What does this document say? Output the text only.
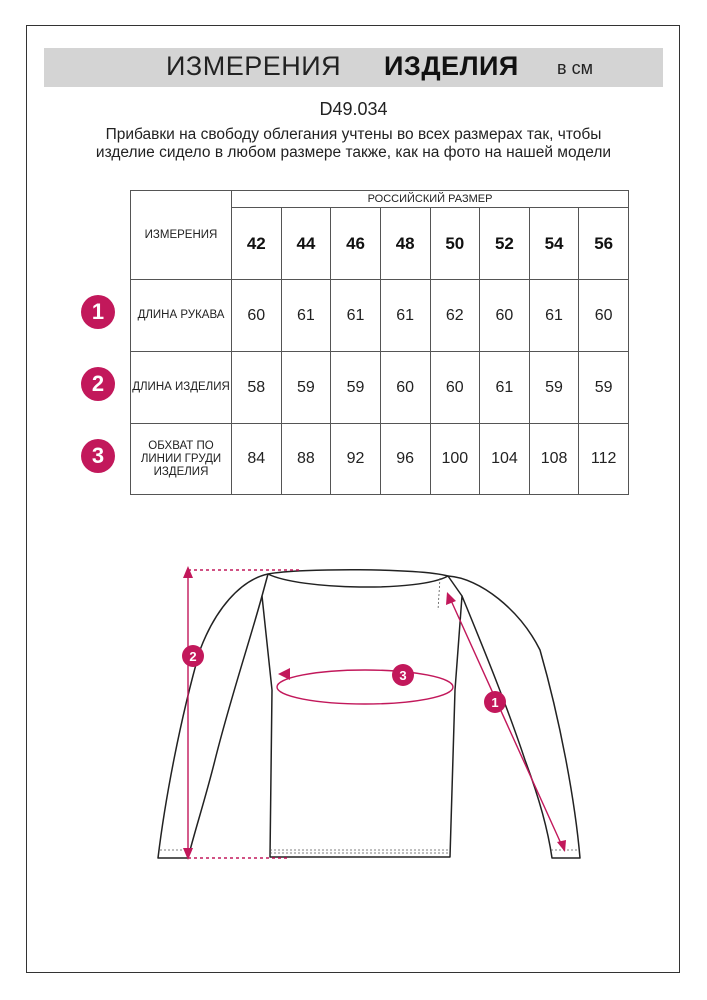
ИЗМЕРЕНИЯ ИЗДЕЛИЯ в см
D49.034
Прибавки на свободу облегания учтены во всех размерах так, чтобы изделие сидело в любом размере также, как на фото на нашей модели
ИЗМЕРЕНИЯ	РОССИЙСКИЙ РАЗМЕР							
	42	44	46	48	50	52	54	56
ДЛИНА РУКАВА	60	61	61	61	62	60	61	60
ДЛИНА ИЗДЕЛИЯ	58	59	59	60	60	61	59	59
ОБХВАТ ПО ЛИНИИ ГРУДИ ИЗДЕЛИЯ	84	88	92	96	100	104	108	112
1
2
3
2
3
1
